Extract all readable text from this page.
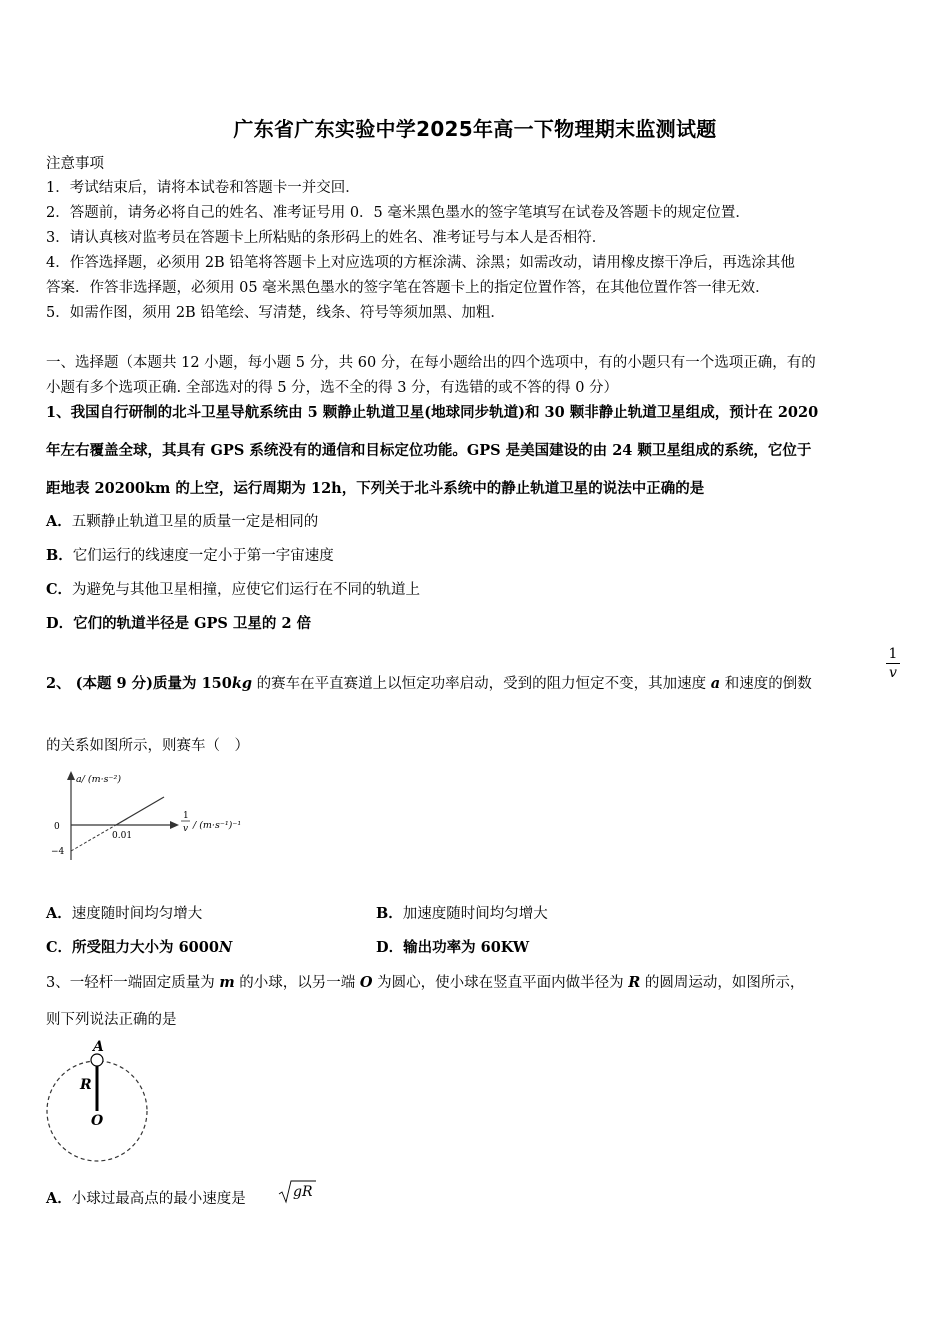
广东省广东实验中学2025年高一下物理期末监测试题
注意事项
1．考试结束后，请将本试卷和答题卡一并交回．
2．答题前，请务必将自己的姓名、准考证号用 0．5 毫米黑色墨水的签字笔填写在试卷及答题卡的规定位置．
3．请认真核对监考员在答题卡上所粘贴的条形码上的姓名、准考证号与本人是否相符．
4．作答选择题，必须用 2B 铅笔将答题卡上对应选项的方框涂满、涂黑；如需改动，请用橡皮擦干净后，再选涂其他
答案．作答非选择题，必须用 05 毫米黑色墨水的签字笔在答题卡上的指定位置作答，在其他位置作答一律无效．
5．如需作图，须用 2B 铅笔绘、写清楚，线条、符号等须加黑、加粗．
一、选择题（本题共 12 小题，每小题 5 分，共 60 分，在每小题给出的四个选项中，有的小题只有一个选项正确，有的
小题有多个选项正确. 全部选对的得 5 分，选不全的得 3 分，有选错的或不答的得 0 分）
1、我国自行研制的北斗卫星导航系统由 5 颗静止轨道卫星(地球同步轨道)和 30 颗非静止轨道卫星组成，预计在 2020
年左右覆盖全球，其具有 GPS 系统没有的通信和目标定位功能。GPS 是美国建设的由 24 颗卫星组成的系统，它位于
距地表 20200km 的上空，运行周期为 12h，下列关于北斗系统中的静止轨道卫星的说法中正确的是
A．五颗静止轨道卫星的质量一定是相同的
B．它们运行的线速度一定小于第一宇宙速度
C．为避免与其他卫星相撞，应使它们运行在不同的轨道上
D．它们的轨道半径是 GPS 卫星的 2 倍
2、 (本题 9 分)质量为 150kg 的赛车在平直赛道上以恒定功率启动，受到的阻力恒定不变，其加速度 a 和速度的倒数
$\frac{1}{v}$
的关系如图所示，则赛车（　）
a/ (m·s⁻²)
0
−4
0.01
1
v / (m·s⁻¹)⁻¹
A．速度随时间均匀增大	B．加速度随时间均匀增大
C．所受阻力大小为 6000N	D．输出功率为 60KW
3、一轻杆一端固定质量为 m 的小球，以另一端 O 为圆心，使小球在竖直平面内做半径为 R 的圆周运动，如图所示，
则下列说法正确的是
A
R
O
A．小球过最高点的最小速度是	gR
